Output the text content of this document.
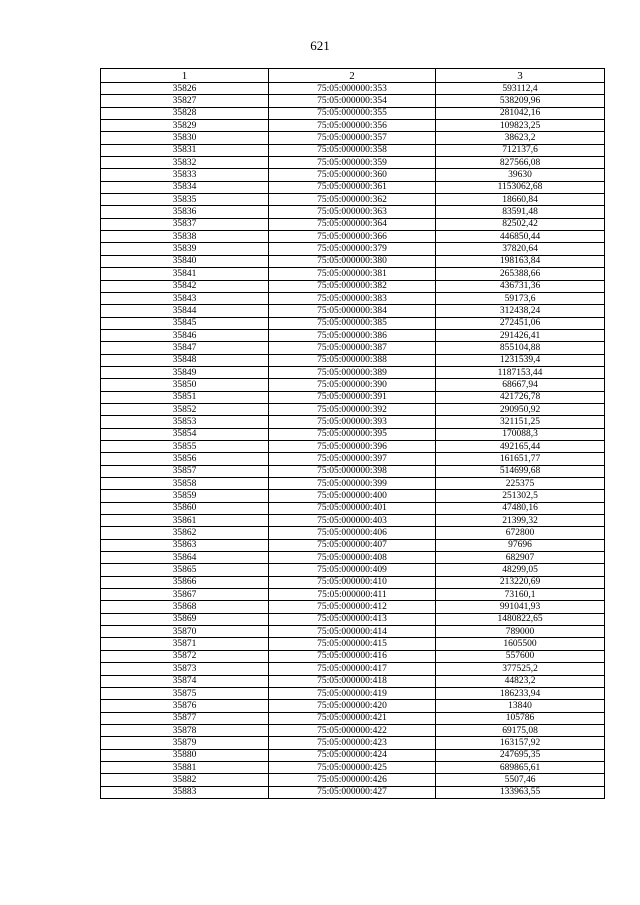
621
1	2	3
35826	75:05:000000:353	593112,4
35827	75:05:000000:354	538209,96
35828	75:05:000000:355	281042,16
35829	75:05:000000:356	109823,25
35830	75:05:000000:357	38623,2
35831	75:05:000000:358	712137,6
35832	75:05:000000:359	827566,08
35833	75:05:000000:360	39630
35834	75:05:000000:361	1153062,68
35835	75:05:000000:362	18660,84
35836	75:05:000000:363	83591,48
35837	75:05:000000:364	82502,42
35838	75:05:000000:366	446850,44
35839	75:05:000000:379	37820,64
35840	75:05:000000:380	198163,84
35841	75:05:000000:381	265388,66
35842	75:05:000000:382	436731,36
35843	75:05:000000:383	59173,6
35844	75:05:000000:384	312438,24
35845	75:05:000000:385	272451,06
35846	75:05:000000:386	291426,41
35847	75:05:000000:387	855104,88
35848	75:05:000000:388	1231539,4
35849	75:05:000000:389	1187153,44
35850	75:05:000000:390	68667,94
35851	75:05:000000:391	421726,78
35852	75:05:000000:392	290950,92
35853	75:05:000000:393	321151,25
35854	75:05:000000:395	170088,3
35855	75:05:000000:396	492165,44
35856	75:05:000000:397	161651,77
35857	75:05:000000:398	514699,68
35858	75:05:000000:399	225375
35859	75:05:000000:400	251302,5
35860	75:05:000000:401	47480,16
35861	75:05:000000:403	21399,32
35862	75:05:000000:406	672800
35863	75:05:000000:407	97696
35864	75:05:000000:408	682907
35865	75:05:000000:409	48299,05
35866	75:05:000000:410	213220,69
35867	75:05:000000:411	73160,1
35868	75:05:000000:412	991041,93
35869	75:05:000000:413	1480822,65
35870	75:05:000000:414	789000
35871	75:05:000000:415	1605500
35872	75:05:000000:416	557600
35873	75:05:000000:417	377525,2
35874	75:05:000000:418	44823,2
35875	75:05:000000:419	186233,94
35876	75:05:000000:420	13840
35877	75:05:000000:421	105786
35878	75:05:000000:422	69175,08
35879	75:05:000000:423	163157,92
35880	75:05:000000:424	247695,35
35881	75:05:000000:425	689865,61
35882	75:05:000000:426	5507,46
35883	75:05:000000:427	133963,55
